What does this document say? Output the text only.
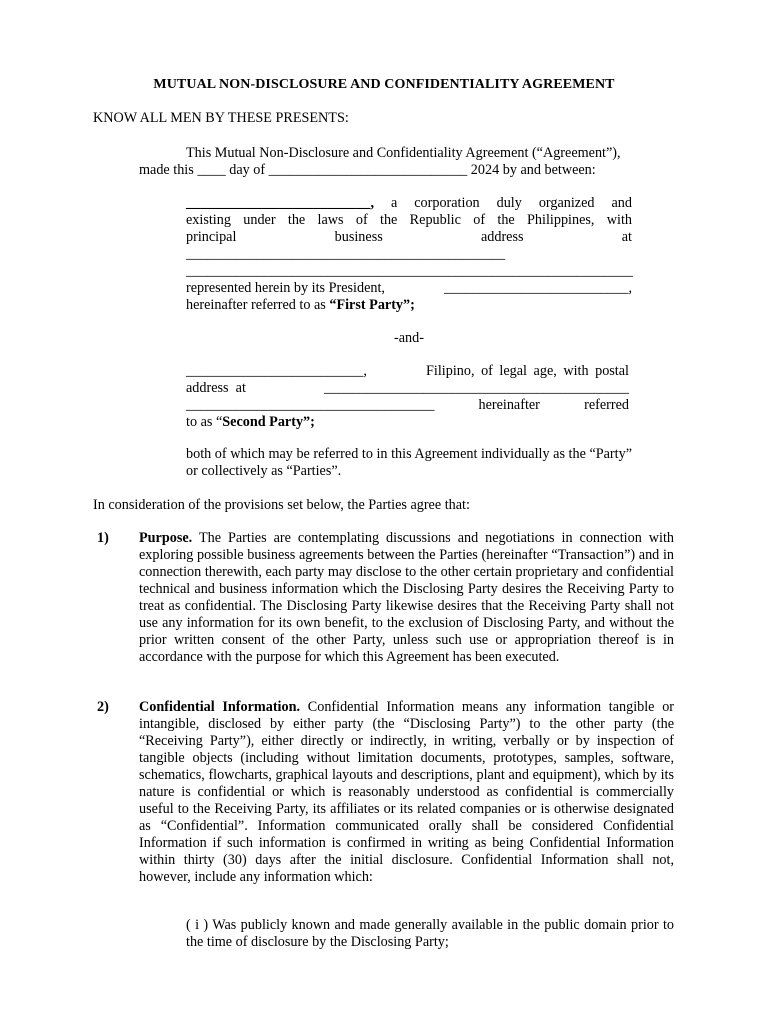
MUTUAL NON-DISCLOSURE AND CONFIDENTIALITY AGREEMENT
KNOW ALL MEN BY THESE PRESENTS:

This Mutual Non-Disclosure and Confidentiality Agreement (“Agreement”),

made this ____ day of ____________________________ 2024 by and between:

__________________________, a corporation duly organized and
existing under the laws of the Republic of the Philippines, with
principal	business	address	at
_____________________________________________
_______________________________________________________________
represented herein by its President,	__________________________,
hereinafter referred to as “First Party”;
-and-
_________________________,	Filipino, of legal age, with postal
address at	___________________________________________
___________________________________	hereinafter	referred
to as “Second Party”;
both of which may be referred to in this Agreement individually as the “Party” or collectively as “Parties”.
In consideration of the provisions set below, the Parties agree that:
1) Purpose. The Parties are contemplating discussions and negotiations in connection with exploring possible business agreements between the Parties (hereinafter “Transaction”) and in connection therewith, each party may disclose to the other certain proprietary and confidential technical and business information which the Disclosing Party desires the Receiving Party to treat as confidential. The Disclosing Party likewise desires that the Receiving Party shall not use any information for its own benefit, to the exclusion of Disclosing Party, and without the prior written consent of the other Party, unless such use or appropriation thereof is in accordance with the purpose for which this Agreement has been executed.
2) Confidential Information. Confidential Information means any information tangible or intangible, disclosed by either party (the “Disclosing Party”) to the other party (the “Receiving Party”), either directly or indirectly, in writing, verbally or by inspection of tangible objects (including without limitation documents, prototypes, samples, software, schematics, flowcharts, graphical layouts and descriptions, plant and equipment), which by its nature is confidential or which is reasonably understood as confidential is commercially useful to the Receiving Party, its affiliates or its related companies or is otherwise designated as “Confidential”. Information communicated orally shall be considered Confidential Information if such information is confirmed in writing as being Confidential Information within thirty (30) days after the initial disclosure. Confidential Information shall not, however, include any information which:
( i ) Was publicly known and made generally available in the public domain prior to the time of disclosure by the Disclosing Party;
